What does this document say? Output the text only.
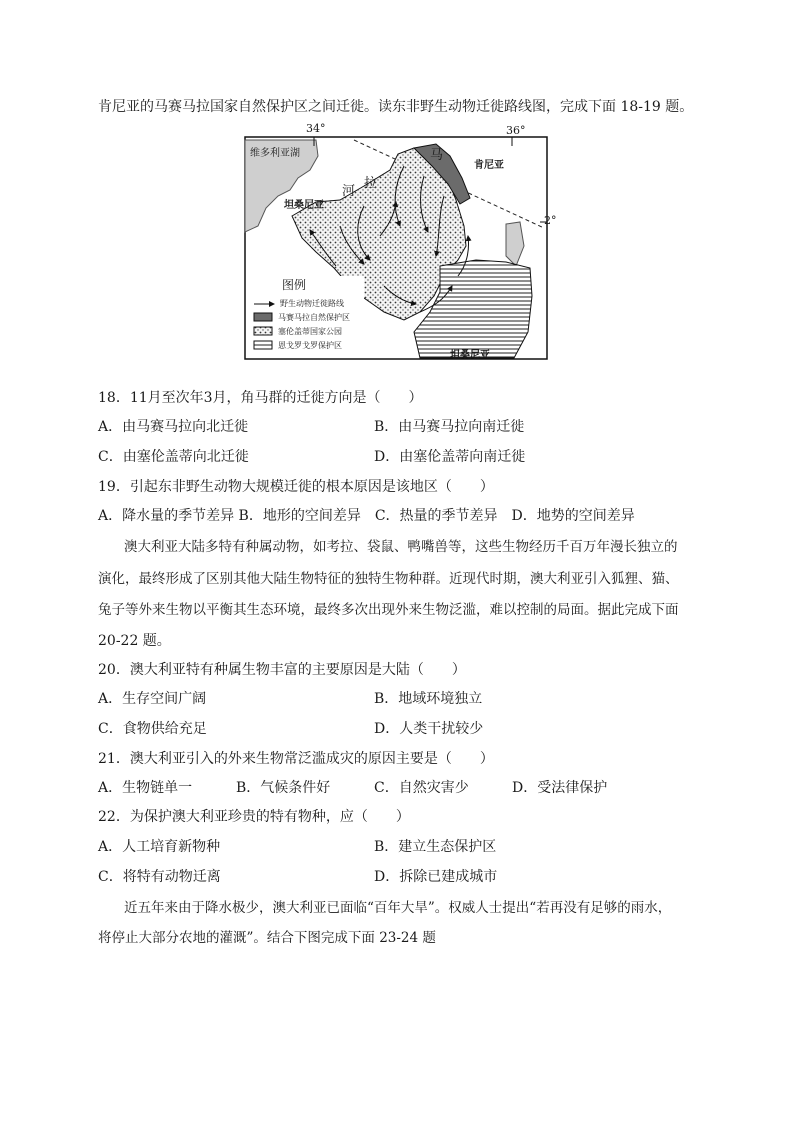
肯尼亚的马赛马拉国家自然保护区之间迁徙。读东非野生动物迁徙路线图，完成下面 18-19 题。
34°	36°
2°
维多利亚湖	马
河
拉
肯尼亚
坦桑尼亚
坦桑尼亚
图例
野生动物迁徙路线
马赛马拉自然保护区
塞伦盖蒂国家公园
恩戈罗戈罗保护区
18．11月至次年3月，角马群的迁徙方向是（　　）
A．由马赛马拉向北迁徙	B．由马赛马拉向南迁徙
C．由塞伦盖蒂向北迁徙	D．由塞伦盖蒂向南迁徙
19．引起东非野生动物大规模迁徙的根本原因是该地区（　　）
A．降水量的季节差异 B．地形的空间差异　C．热量的季节差异　D．地势的空间差异
澳大利亚大陆多特有种属动物，如考拉、袋鼠、鸭嘴兽等，这些生物经历千百万年漫长独立的
演化，最终形成了区别其他大陆生物特征的独特生物种群。近现代时期，澳大利亚引入狐狸、猫、
兔子等外来生物以平衡其生态环境，最终多次出现外来生物泛滥，难以控制的局面。据此完成下面
20-22 题。
20．澳大利亚特有种属生物丰富的主要原因是大陆（　　）
A．生存空间广阔	B．地域环境独立
C．食物供给充足	D．人类干扰较少
21．澳大利亚引入的外来生物常泛滥成灾的原因主要是（　　）
A．生物链单一	B．气候条件好	C．自然灾害少	D．受法律保护
22．为保护澳大利亚珍贵的特有物种，应（　　）
A．人工培育新物种	B．建立生态保护区
C．将特有动物迁离	D．拆除已建成城市
近五年来由于降水极少，澳大利亚已面临“百年大旱”。权威人士提出“若再没有足够的雨水，
将停止大部分农地的灌溉”。结合下图完成下面 23-24 题
